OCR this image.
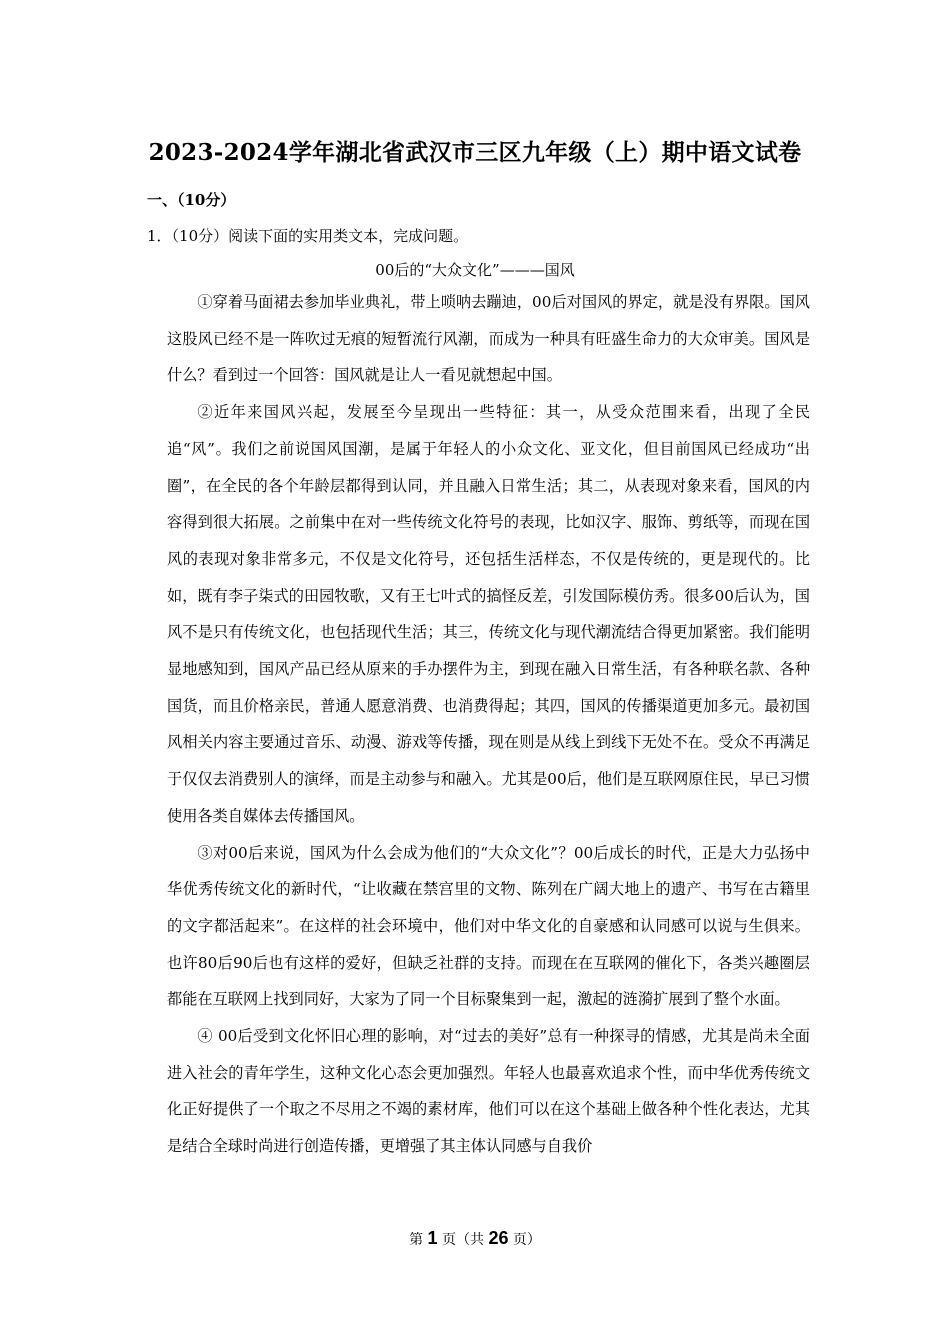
2023-2024学年湖北省武汉市三区九年级（上）期中语文试卷
一、（10分）
1．（10分）阅读下面的实用类文本，完成问题。
00后的“大众文化”———国风

①穿着马面裙去参加毕业典礼，带上唢呐去蹦迪，00后对国风的界定，就是没有界限。国风这股风已经不是一阵吹过无痕的短暂流行风潮，而成为一种具有旺盛生命力的大众审美。国风是什么？看到过一个回答：国风就是让人一看见就想起中国。

②近年来国风兴起，发展至今呈现出一些特征：其一，从受众范围来看，出现了全民追“风”。我们之前说国风国潮，是属于年轻人的小众文化、亚文化，但目前国风已经成功“出圈”，在全民的各个年龄层都得到认同，并且融入日常生活；其二，从表现对象来看，国风的内容得到很大拓展。之前集中在对一些传统文化符号的表现，比如汉字、服饰、剪纸等，而现在国风的表现对象非常多元，不仅是文化符号，还包括生活样态，不仅是传统的，更是现代的。比如，既有李子柒式的田园牧歌，又有王七叶式的搞怪反差，引发国际模仿秀。很多00后认为，国风不是只有传统文化，也包括现代生活；其三，传统文化与现代潮流结合得更加紧密。我们能明显地感知到，国风产品已经从原来的手办摆件为主，到现在融入日常生活，有各种联名款、各种国货，而且价格亲民，普通人愿意消费、也消费得起；其四，国风的传播渠道更加多元。最初国风相关内容主要通过音乐、动漫、游戏等传播，现在则是从线上到线下无处不在。受众不再满足于仅仅去消费别人的演绎，而是主动参与和融入。尤其是00后，他们是互联网原住民，早已习惯使用各类自媒体去传播国风。

③对00后来说，国风为什么会成为他们的“大众文化”？00后成长的时代，正是大力弘扬中华优秀传统文化的新时代，“让收藏在禁宫里的文物、陈列在广阔大地上的遗产、书写在古籍里的文字都活起来”。在这样的社会环境中，他们对中华文化的自豪感和认同感可以说与生俱来。也许80后90后也有这样的爱好，但缺乏社群的支持。而现在在互联网的催化下，各类兴趣圈层都能在互联网上找到同好，大家为了同一个目标聚集到一起，激起的涟漪扩展到了整个水面。

④ 00后受到文化怀旧心理的影响，对“过去的美好”总有一种探寻的情感，尤其是尚未全面进入社会的青年学生，这种文化心态会更加强烈。年轻人也最喜欢追求个性，而中华优秀传统文化正好提供了一个取之不尽用之不竭的素材库，他们可以在这个基础上做各种个性化表达，尤其是结合全球时尚进行创造传播，更增强了其主体认同感与自我价

第 1 页（共 26 页）
